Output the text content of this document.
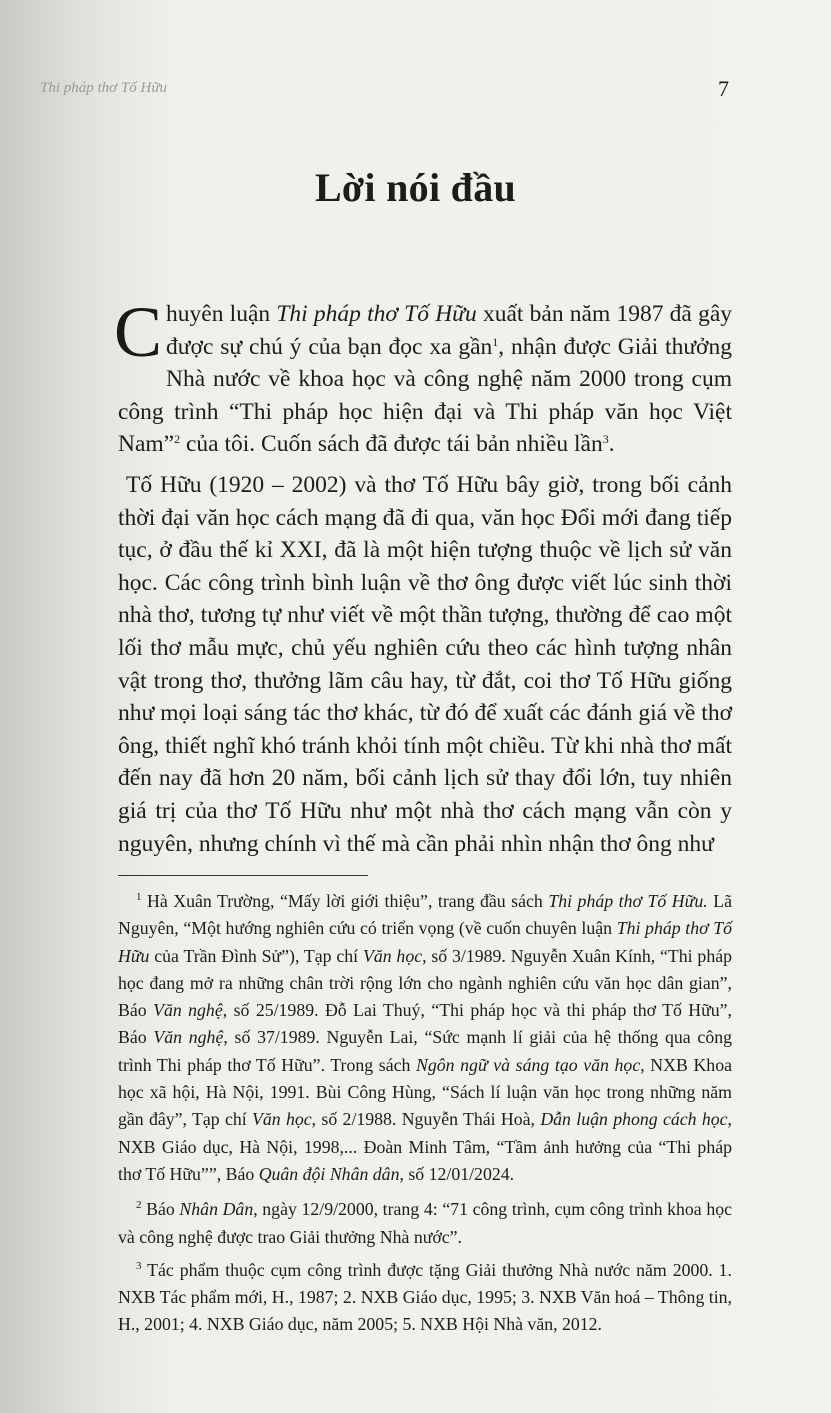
Thi pháp thơ Tố Hữu	7
Lời nói đầu

Chuyên luận Thi pháp thơ Tố Hữu xuất bản năm 1987 đã gây được sự chú ý của bạn đọc xa gần$^1$, nhận được Giải thưởng Nhà nước về khoa học và công nghệ năm 2000 trong cụm công trình “Thi pháp học hiện đại và Thi pháp văn học Việt Nam”$^2$ của tôi. Cuốn sách đã được tái bản nhiều lần$^3$.

Tố Hữu (1920 – 2002) và thơ Tố Hữu bây giờ, trong bối cảnh thời đại văn học cách mạng đã đi qua, văn học Đổi mới đang tiếp tục, ở đầu thế kỉ XXI, đã là một hiện tượng thuộc về lịch sử văn học. Các công trình bình luận về thơ ông được viết lúc sinh thời nhà thơ, tương tự như viết về một thần tượng, thường để cao một lối thơ mẫu mực, chủ yếu nghiên cứu theo các hình tượng nhân vật trong thơ, thưởng lãm câu hay, từ đắt, coi thơ Tố Hữu giống như mọi loại sáng tác thơ khác, từ đó để xuất các đánh giá về thơ ông, thiết nghĩ khó tránh khỏi tính một chiều. Từ khi nhà thơ mất đến nay đã hơn 20 năm, bối cảnh lịch sử thay đổi lớn, tuy nhiên giá trị của thơ Tố Hữu như một nhà thơ cách mạng vẫn còn y nguyên, nhưng chính vì thế mà cần phải nhìn nhận thơ ông như

$^1$ Hà Xuân Trường, “Mấy lời giới thiệu”, trang đầu sách Thi pháp thơ Tố Hữu. Lã Nguyên, “Một hướng nghiên cứu có triển vọng (về cuốn chuyên luận Thi pháp thơ Tố Hữu của Trần Đình Sử”), Tạp chí Văn học, số 3/1989. Nguyễn Xuân Kính, “Thi pháp học đang mở ra những chân trời rộng lớn cho ngành nghiên cứu văn học dân gian”, Báo Văn nghệ, số 25/1989. Đỗ Lai Thuý, “Thi pháp học và thi pháp thơ Tố Hữu”, Báo Văn nghệ, số 37/1989. Nguyễn Lai, “Sức mạnh lí giải của hệ thống qua công trình Thi pháp thơ Tố Hữu”. Trong sách Ngôn ngữ và sáng tạo văn học, NXB Khoa học xã hội, Hà Nội, 1991. Bùi Công Hùng, “Sách lí luận văn học trong những năm gần đây”, Tạp chí Văn học, số 2/1988. Nguyễn Thái Hoà, Dẫn luận phong cách học, NXB Giáo dục, Hà Nội, 1998,... Đoàn Minh Tâm, “Tầm ảnh hưởng của “Thi pháp thơ Tố Hữu””, Báo Quân đội Nhân dân, số 12/01/2024.

$^2$ Báo Nhân Dân, ngày 12/9/2000, trang 4: “71 công trình, cụm công trình khoa học và công nghệ được trao Giải thưởng Nhà nước”.

$^3$ Tác phẩm thuộc cụm công trình được tặng Giải thưởng Nhà nước năm 2000. 1. NXB Tác phẩm mới, H., 1987; 2. NXB Giáo dục, 1995; 3. NXB Văn hoá – Thông tin, H., 2001; 4. NXB Giáo dục, năm 2005; 5. NXB Hội Nhà văn, 2012.
